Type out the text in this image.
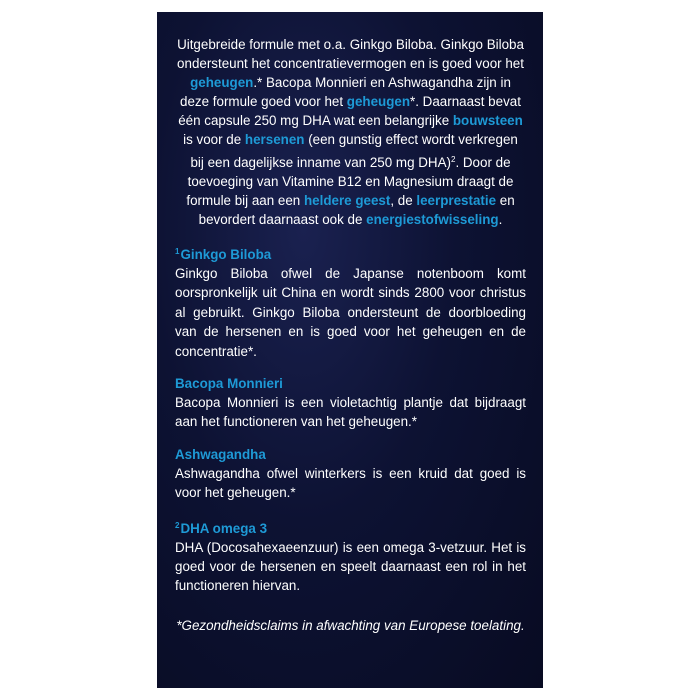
Uitgebreide formule met o.a. Ginkgo Biloba. Ginkgo Biloba ondersteunt het concentratievermogen en is goed voor het geheugen.* Bacopa Monnieri en Ashwagandha zijn in deze formule goed voor het geheugen*. Daarnaast bevat één capsule 250 mg DHA wat een belangrijke bouwsteen is voor de hersenen (een gunstig effect wordt verkregen bij een dagelijkse inname van 250 mg DHA)$^2$. Door de toevoeging van Vitamine B12 en Magnesium draagt de formule bij aan een heldere geest, de leerprestatie en bevordert daarnaast ook de energiestofwisseling.

$^1$Ginkgo Biloba

Ginkgo Biloba ofwel de Japanse notenboom komt oorspronkelijk uit China en wordt sinds 2800 voor christus al gebruikt. Ginkgo Biloba ondersteunt de doorbloeding van de hersenen en is goed voor het geheugen en de concentratie*.

Bacopa Monnieri

Bacopa Monnieri is een violetachtig plantje dat bijdraagt aan het functioneren van het geheugen.*

Ashwagandha

Ashwagandha ofwel winterkers is een kruid dat goed is voor het geheugen.*

$^2$DHA omega 3

DHA (Docosahexaeenzuur) is een omega 3-vetzuur. Het is goed voor de hersenen en speelt daarnaast een rol in het functioneren hiervan.

*Gezondheidsclaims in afwachting van Europese toelating.
